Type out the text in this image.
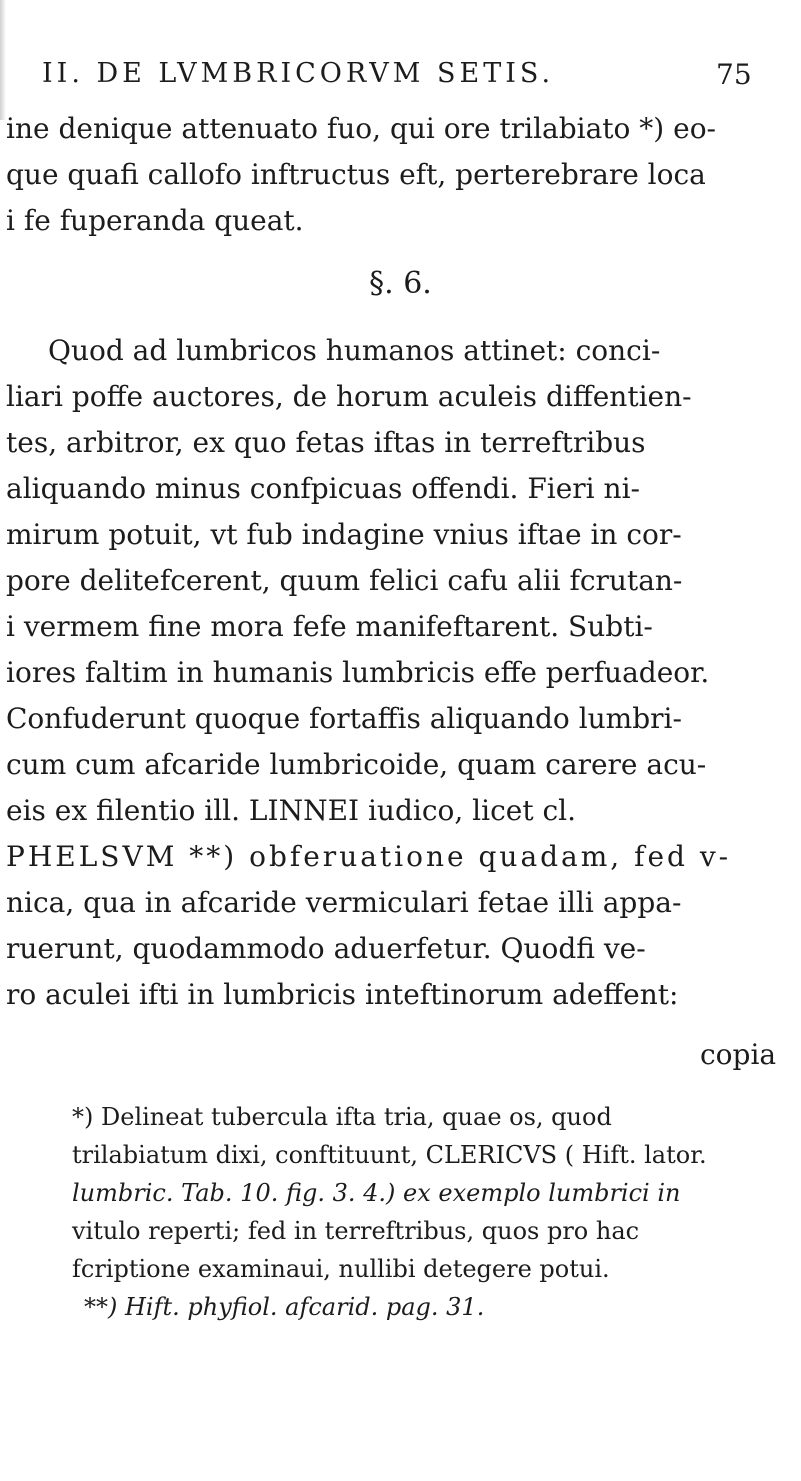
II. DE LVMBRICORVM SETIS.	75
ine denique attenuato fuo, qui ore trilabiato *) eo-
que quafi callofo inftructus eft, perterebrare loca
i fe fuperanda queat.
§. 6.
Quod ad lumbricos humanos attinet: conci-
liari poffe auctores, de horum aculeis diffentien-
tes, arbitror, ex quo fetas iftas in terreftribus
aliquando minus confpicuas offendi. Fieri ni-
mirum potuit, vt fub indagine vnius iftae in cor-
pore delitefcerent, quum felici cafu alii fcrutan-
i vermem fine mora fefe manifeftarent. Subti-
iores faltim in humanis lumbricis effe perfuadeor.
Confuderunt quoque fortaffis aliquando lumbri-
cum cum afcaride lumbricoide, quam carere acu-
eis ex filentio ill. LINNEI iudico, licet cl.
PHELSVM **) obferuatione quadam, fed v-
nica, qua in afcaride vermiculari fetae illi appa-
ruerunt, quodammodo aduerfetur. Quodfi ve-
ro aculei ifti in lumbricis inteftinorum adeffent:
copia
*) Delineat tubercula ifta tria, quae os, quod
trilabiatum dixi, conftituunt, CLERICVS ( Hift. lator.
lumbric. Tab. 10. fig. 3. 4.) ex exemplo lumbrici in
vitulo reperti; fed in terreftribus, quos pro hac
fcriptione examinaui, nullibi detegere potui.
**) Hift. phyfiol. afcarid. pag. 31.
